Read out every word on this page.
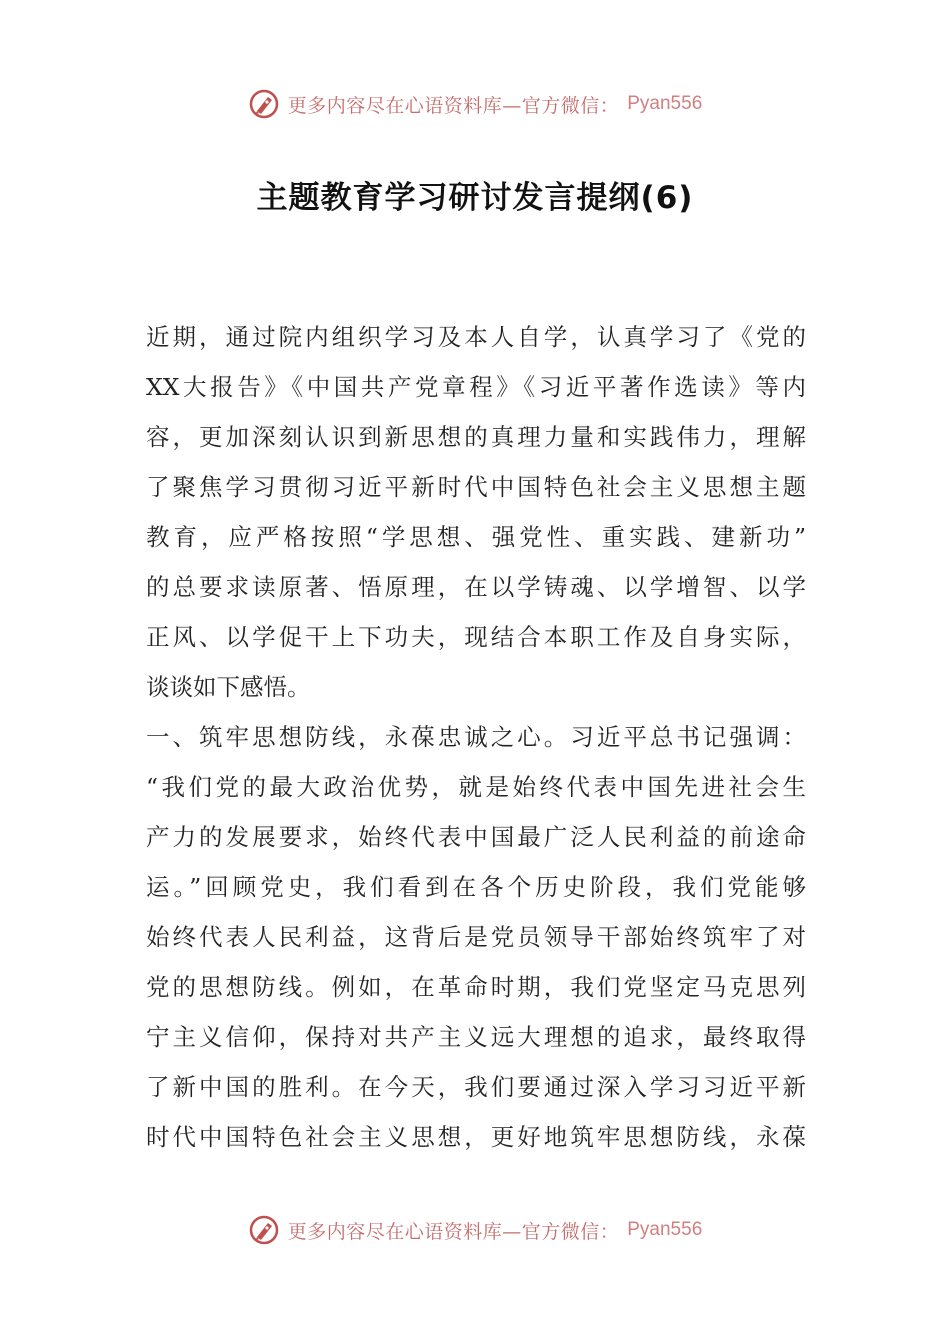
更多内容尽在心语资料库—官方微信： Pyan556
主题教育学习研讨发言提纲(6)
近期，通过院内组织学习及本人自学，认真学习了《党的
XX大报告》《中国共产党章程》《习近平著作选读》等内
容，更加深刻认识到新思想的真理力量和实践伟力，理解
了聚焦学习贯彻习近平新时代中国特色社会主义思想主题
教育，应严格按照“学思想、强党性、重实践、建新功”
的总要求读原著、悟原理，在以学铸魂、以学增智、以学
正风、以学促干上下功夫，现结合本职工作及自身实际，
谈谈如下感悟。
一、筑牢思想防线，永葆忠诚之心。习近平总书记强调：
“我们党的最大政治优势，就是始终代表中国先进社会生
产力的发展要求，始终代表中国最广泛人民利益的前途命
运。”回顾党史，我们看到在各个历史阶段，我们党能够
始终代表人民利益，这背后是党员领导干部始终筑牢了对
党的思想防线。例如，在革命时期，我们党坚定马克思列
宁主义信仰，保持对共产主义远大理想的追求，最终取得
了新中国的胜利。在今天，我们要通过深入学习习近平新
时代中国特色社会主义思想，更好地筑牢思想防线，永葆
更多内容尽在心语资料库—官方微信： Pyan556
